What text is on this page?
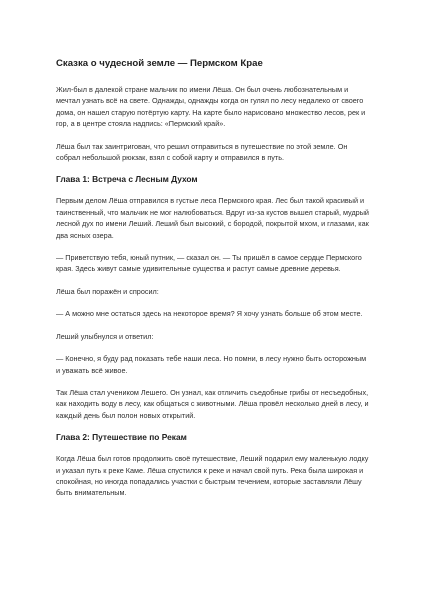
Сказка о чудесной земле — Пермском Крае

Жил-был в далекой стране мальчик по имени Лёша. Он был очень любознательным и мечтал узнать всё на свете. Однажды, однажды когда он гулял по лесу недалеко от своего дома, он нашел старую потёртую карту. На карте было нарисовано множество лесов, рек и гор, а в центре стояла надпись: «Пермский край».

Лёша был так заинтригован, что решил отправиться в путешествие по этой земле. Он собрал небольшой рюкзак, взял с собой карту и отправился в путь.

Глава 1: Встреча с Лесным Духом

Первым делом Лёша отправился в густые леса Пермского края. Лес был такой красивый и таинственный, что мальчик не мог налюбоваться. Вдруг из-за кустов вышел старый, мудрый лесной дух по имени Леший. Леший был высокий, с бородой, покрытой мхом, и глазами, как два ясных озера.

— Приветствую тебя, юный путник, — сказал он. — Ты пришёл в самое сердце Пермского края. Здесь живут самые удивительные существа и растут самые древние деревья.

Лёша был поражён и спросил:

— А можно мне остаться здесь на некоторое время? Я хочу узнать больше об этом месте.

Леший улыбнулся и ответил:

— Конечно, я буду рад показать тебе наши леса. Но помни, в лесу нужно быть осторожным и уважать всё живое.

Так Лёша стал учеником Лешего. Он узнал, как отличить съедобные грибы от несъедобных, как находить воду в лесу, как общаться с животными. Лёша провёл несколько дней в лесу, и каждый день был полон новых открытий.

Глава 2: Путешествие по Рекам

Когда Лёша был готов продолжить своё путешествие, Леший подарил ему маленькую лодку и указал путь к реке Каме. Лёша спустился к реке и начал свой путь. Река была широкая и спокойная, но иногда попадались участки с быстрым течением, которые заставляли Лёшу быть внимательным.
